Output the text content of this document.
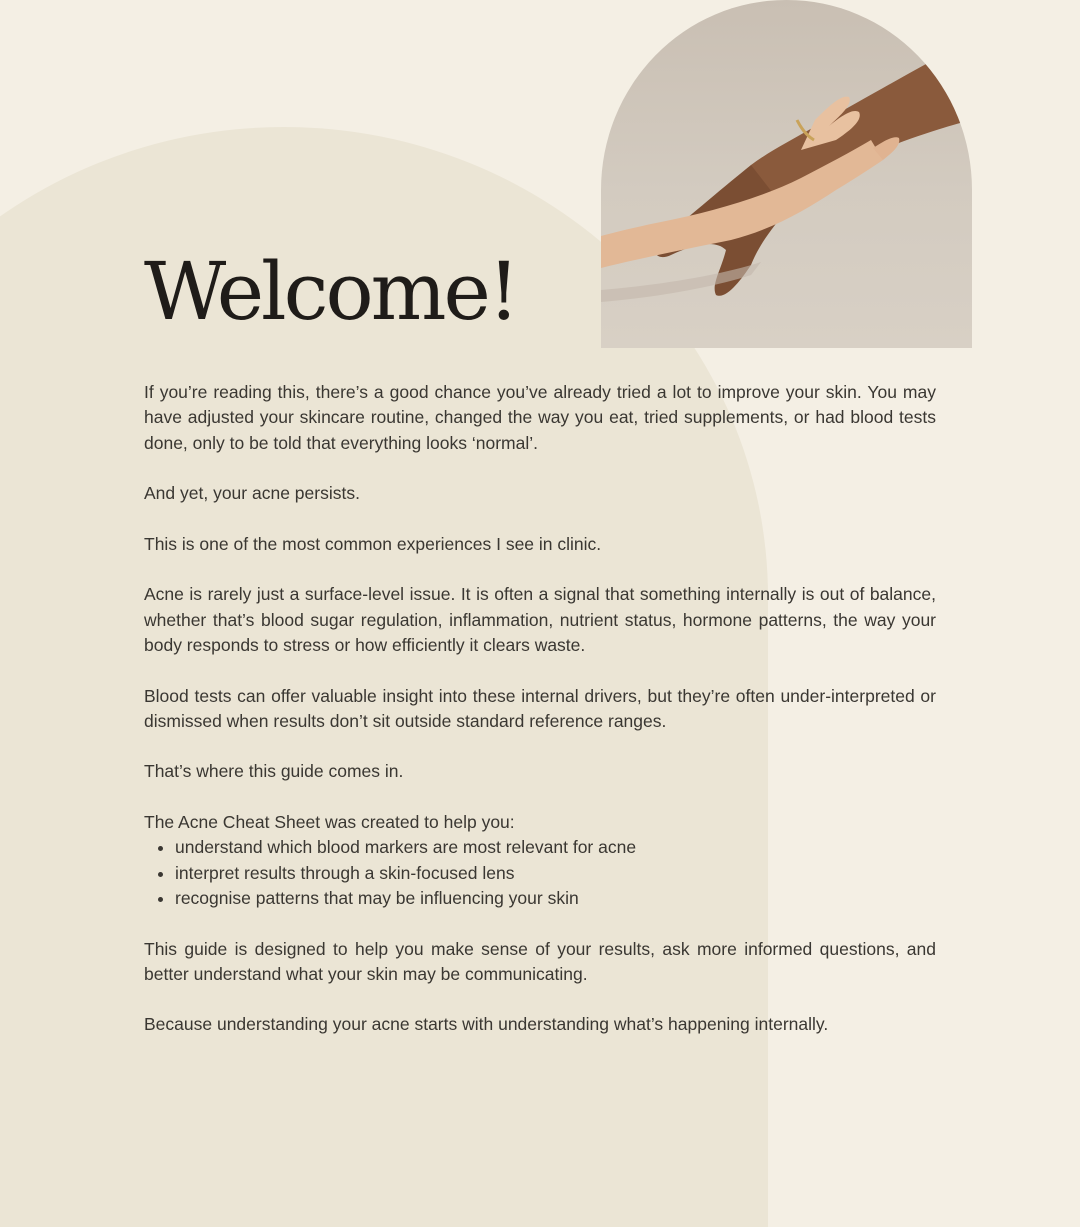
Welcome!

If you’re reading this, there’s a good chance you’ve already tried a lot to improve your skin. You may have adjusted your skincare routine, changed the way you eat, tried supplements, or had blood tests done, only to be told that everything looks ‘normal’.

And yet, your acne persists.

This is one of the most common experiences I see in clinic.

Acne is rarely just a surface-level issue. It is often a signal that something internally is out of balance, whether that’s blood sugar regulation, inflammation, nutrient status, hormone patterns, the way your body responds to stress or how efficiently it clears waste.

Blood tests can offer valuable insight into these internal drivers, but they’re often under-interpreted or dismissed when results don’t sit outside standard reference ranges.

That’s where this guide comes in.

The Acne Cheat Sheet was created to help you:

• understand which blood markers are most relevant for acne
• interpret results through a skin-focused lens
• recognise patterns that may be influencing your skin

This guide is designed to help you make sense of your results, ask more informed questions, and better understand what your skin may be communicating.

Because understanding your acne starts with understanding what’s happening internally.
